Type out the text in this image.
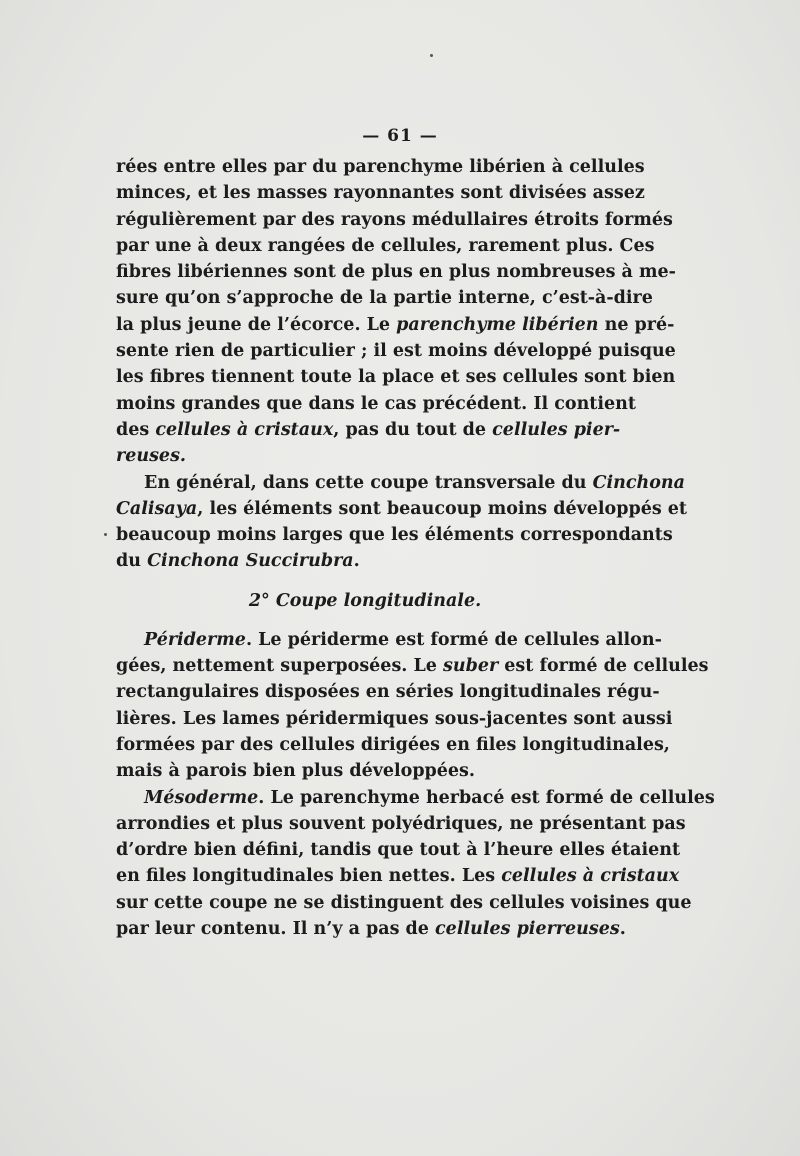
— 61 —
rées entre elles par du parenchyme libérien à cellules
minces, et les masses rayonnantes sont divisées assez
régulièrement par des rayons médullaires étroits formés
par une à deux rangées de cellules, rarement plus. Ces
fibres libériennes sont de plus en plus nombreuses à me-
sure qu’on s’approche de la partie interne, c’est-à-dire
la plus jeune de l’écorce. Le parenchyme libérien ne pré-
sente rien de particulier ; il est moins développé puisque
les fibres tiennent toute la place et ses cellules sont bien
moins grandes que dans le cas précédent. Il contient
des cellules à cristaux, pas du tout de cellules pier-
reuses.
En général, dans cette coupe transversale du Cinchona
Calisaya, les éléments sont beaucoup moins développés et
beaucoup moins larges que les éléments correspondants
du Cinchona Succirubra.
2° Coupe longitudinale.
Périderme. Le périderme est formé de cellules allon-
gées, nettement superposées. Le suber est formé de cellules
rectangulaires disposées en séries longitudinales régu-
lières. Les lames péridermiques sous-jacentes sont aussi
formées par des cellules dirigées en files longitudinales,
mais à parois bien plus développées.
Mésoderme. Le parenchyme herbacé est formé de cellules
arrondies et plus souvent polyédriques, ne présentant pas
d’ordre bien défini, tandis que tout à l’heure elles étaient
en files longitudinales bien nettes. Les cellules à cristaux
sur cette coupe ne se distinguent des cellules voisines que
par leur contenu. Il n’y a pas de cellules pierreuses.
